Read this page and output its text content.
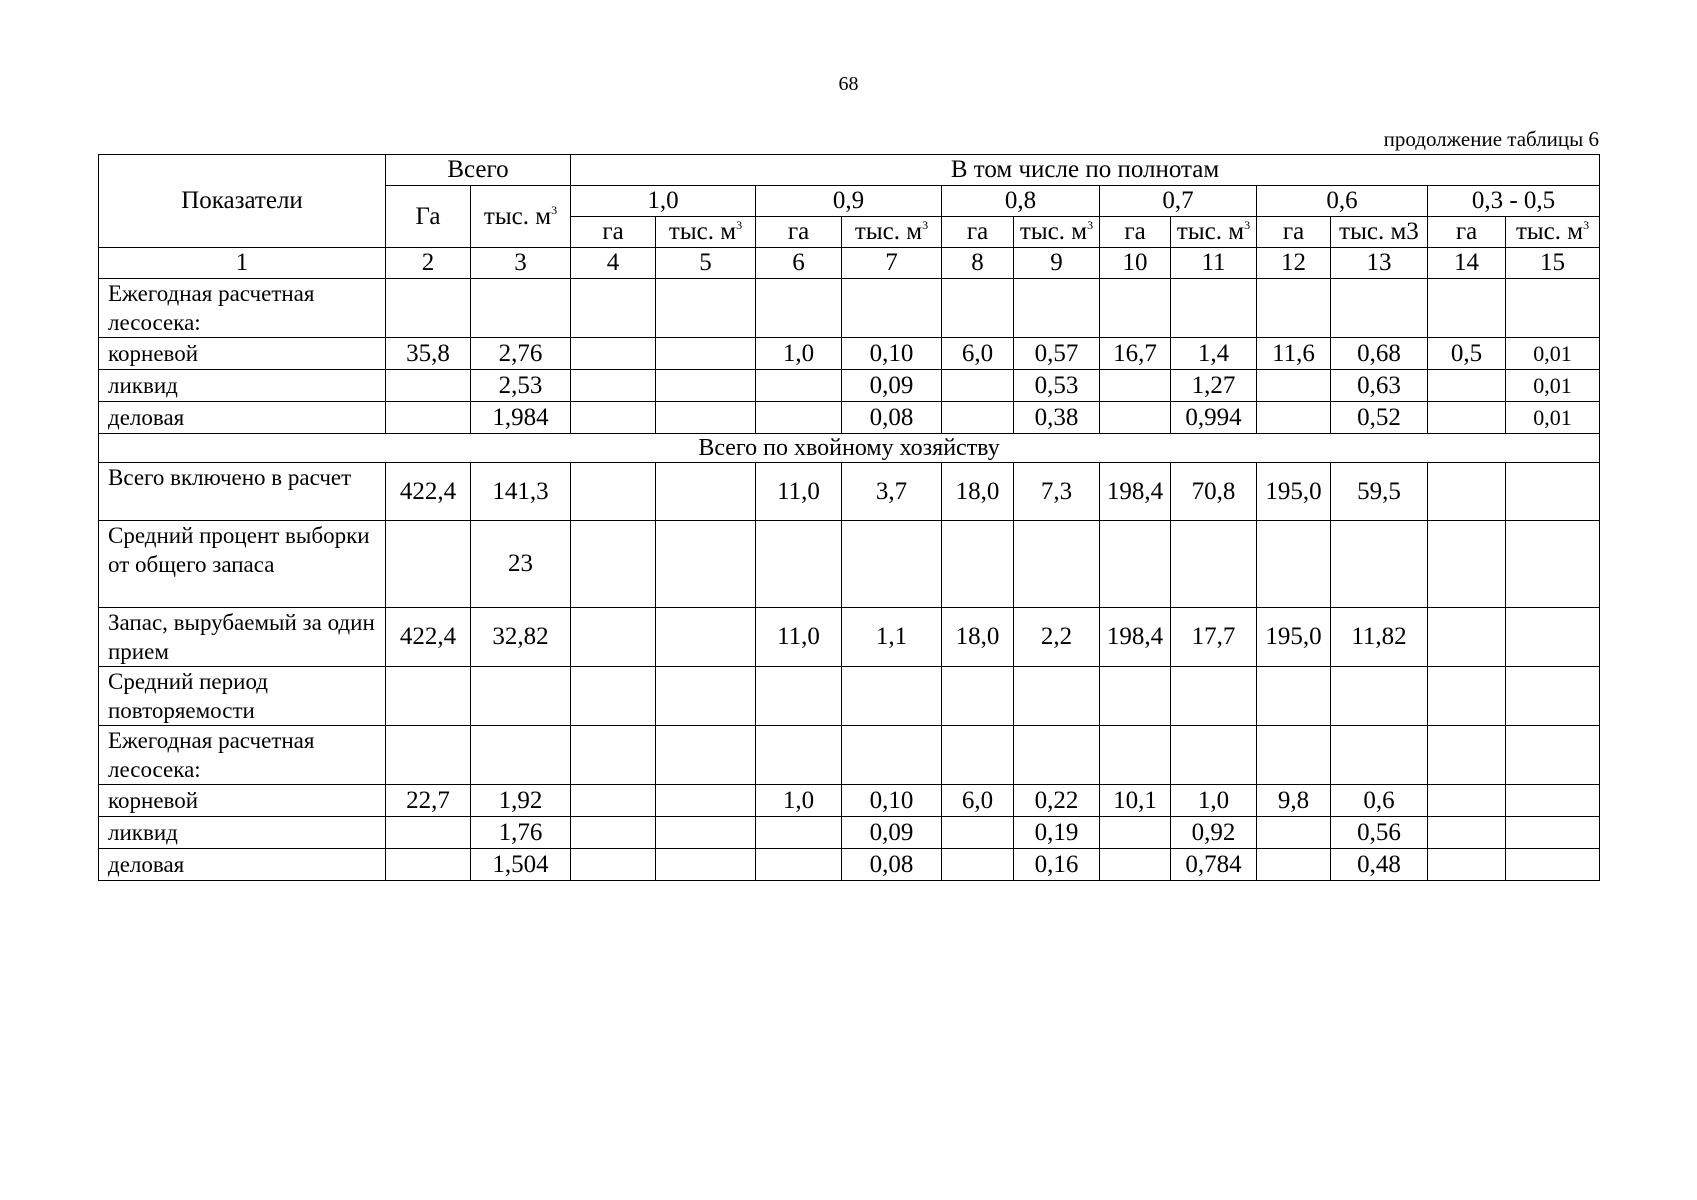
68
продолжение таблицы 6
Показатели	Всего		В том числе по полнотам											
	Га	тыс. $м^3$	1,0		0,9		0,8		0,7		0,6		0,3 - 0,5	
			га	тыс. $м^3$	га	тыс. $м^3$	га	тыс. $м^3$	га	тыс. $м^3$	га	тыс. м3	га	тыс. $м^3$
1	2	3	4	5	6	7	8	9	10	11	12	13	14	15
Ежегодная расчетная лесосека:														
корневой	35,8	2,76			1,0	0,10	6,0	0,57	16,7	1,4	11,6	0,68	0,5	0,01
ликвид		2,53				0,09		0,53		1,27		0,63		0,01
деловая		1,984				0,08		0,38		0,994		0,52		0,01
Всего по хвойному хозяйству														
Всего включено в расчет	422,4	141,3			11,0	3,7	18,0	7,3	198,4	70,8	195,0	59,5		
Средний процент выборки от общего запаса		23												
Запас, вырубаемый за один прием	422,4	32,82			11,0	1,1	18,0	2,2	198,4	17,7	195,0	11,82		
Средний период повторяемости														
Ежегодная расчетная лесосека:														
корневой	22,7	1,92			1,0	0,10	6,0	0,22	10,1	1,0	9,8	0,6		
ликвид		1,76				0,09		0,19		0,92		0,56		
деловая		1,504				0,08		0,16		0,784		0,48		
